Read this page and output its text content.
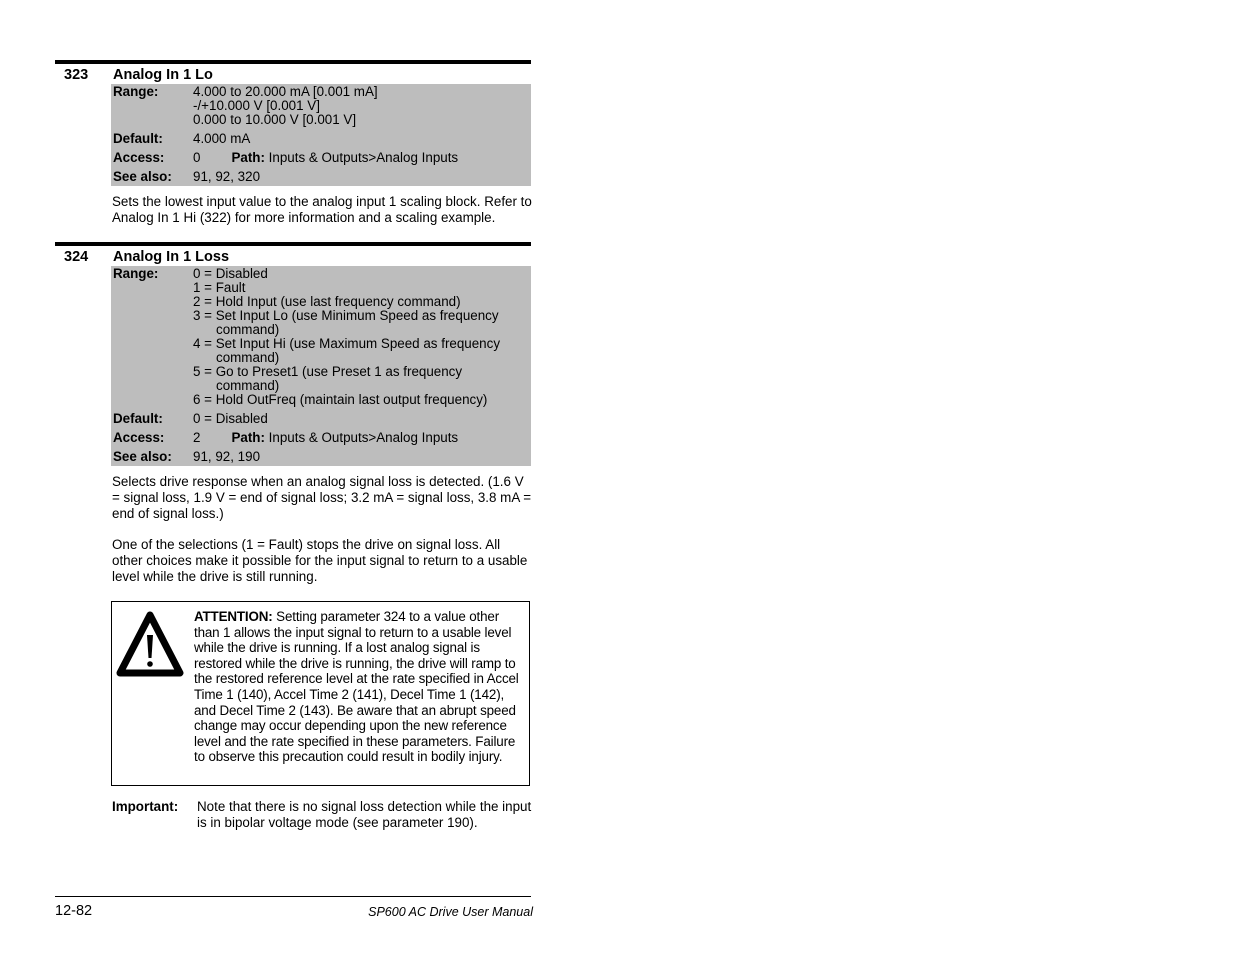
323 Analog In 1 Lo
Range:	4.000 to 20.000 mA [0.001 mA]
-/+10.000 V [0.001 V]
0.000 to 10.000 V [0.001 V]
Default:	4.000 mA
Access:	0 Path: Inputs & Outputs>Analog Inputs
See also:	91, 92, 320
Sets the lowest input value to the analog input 1 scaling block. Refer to Analog In 1 Hi (322) for more information and a scaling example.
324 Analog In 1 Loss
Range:	0 = Disabled
1 = Fault
2 = Hold Input (use last frequency command)
3 = Set Input Lo (use Minimum Speed as frequency command)
4 = Set Input Hi (use Maximum Speed as frequency command)
5 = Go to Preset1 (use Preset 1 as frequency command)
6 = Hold OutFreq (maintain last output frequency)
Default:	0 = Disabled
Access:	2 Path: Inputs & Outputs>Analog Inputs
See also:	91, 92, 190
Selects drive response when an analog signal loss is detected. (1.6 V = signal loss, 1.9 V = end of signal loss; 3.2 mA = signal loss, 3.8 mA = end of signal loss.)
One of the selections (1 = Fault) stops the drive on signal loss. All other choices make it possible for the input signal to return to a usable level while the drive is still running.
ATTENTION: Setting parameter 324 to a value other than 1 allows the input signal to return to a usable level while the drive is running. If a lost analog signal is restored while the drive is running, the drive will ramp to the restored reference level at the rate specified in Accel Time 1 (140), Accel Time 2 (141), Decel Time 1 (142), and Decel Time 2 (143). Be aware that an abrupt speed change may occur depending upon the new reference level and the rate specified in these parameters. Failure to observe this precaution could result in bodily injury.
Important: Note that there is no signal loss detection while the input is in bipolar voltage mode (see parameter 190).
12-82	SP600 AC Drive User Manual
